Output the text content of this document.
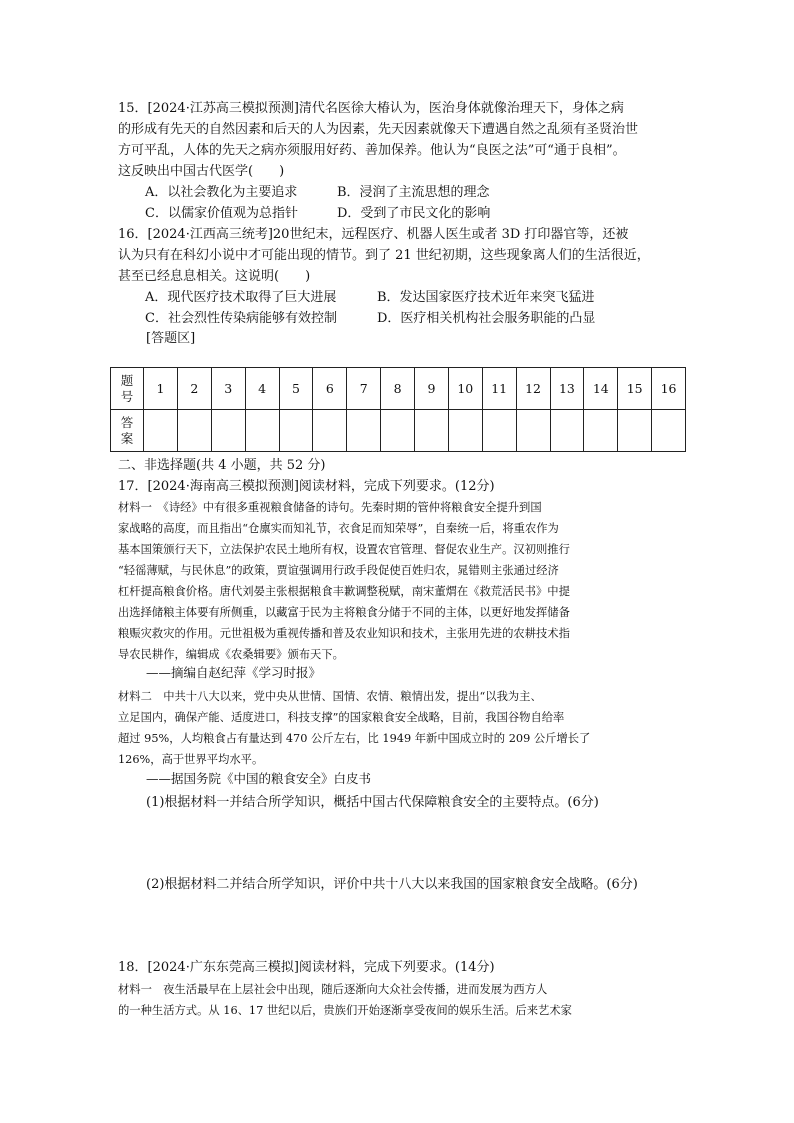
15．[2024·江苏高三模拟预测]清代名医徐大椿认为，医治身体就像治理天下，身体之病
的形成有先天的自然因素和后天的人为因素，先天因素就像天下遭遇自然之乱须有圣贤治世
方可平乱，人体的先天之病亦须服用好药、善加保养。他认为“良医之法”可“通于良相”。
这反映出中国古代医学(　　)
A．以社会教化为主要追求	B．浸润了主流思想的理念
C．以儒家价值观为总指针	D．受到了市民文化的影响
16．[2024·江西高三统考]20世纪末，远程医疗、机器人医生或者 3D 打印器官等，还被
认为只有在科幻小说中才可能出现的情节。到了 21 世纪初期，这些现象离人们的生活很近，
甚至已经息息相关。这说明(　　)
A．现代医疗技术取得了巨大进展	B．发达国家医疗技术近年来突飞猛进
C．社会烈性传染病能够有效控制	D．医疗相关机构社会服务职能的凸显
[答题区]
题
号	1	2	3	4	5	6	7	8	9	10	11	12	13	14	15	16

答
案																

二、非选择题(共 4 小题，共 52 分)
17．[2024·海南高三模拟预测]阅读材料，完成下列要求。(12分)
材料一　《诗经》中有很多重视粮食储备的诗句。先秦时期的管仲将粮食安全提升到国
家战略的高度，而且指出“仓廪实而知礼节，衣食足而知荣辱”，自秦统一后，将重农作为
基本国策颁行天下，立法保护农民土地所有权，设置农官管理、督促农业生产。汉初则推行
“轻徭薄赋，与民休息”的政策，贾谊强调用行政手段促使百姓归农，晁错则主张通过经济
杠杆提高粮食价格。唐代刘晏主张根据粮食丰歉调整税赋，南宋董煟在《救荒活民书》中提
出选择储粮主体要有所侧重，以藏富于民为主将粮食分储于不同的主体，以更好地发挥储备
粮赈灾救灾的作用。元世祖极为重视传播和普及农业知识和技术，主张用先进的农耕技术指
导农民耕作，编辑成《农桑辑要》颁布天下。
——摘编自赵纪萍《学习时报》
材料二　中共十八大以来，党中央从世情、国情、农情、粮情出发，提出“以我为主、
立足国内，确保产能、适度进口，科技支撑”的国家粮食安全战略，目前，我国谷物自给率
超过 95%，人均粮食占有量达到 470 公斤左右，比 1949 年新中国成立时的 209 公斤增长了
126%，高于世界平均水平。
——据国务院《中国的粮食安全》白皮书
(1)根据材料一并结合所学知识，概括中国古代保障粮食安全的主要特点。(6分)
(2)根据材料二并结合所学知识，评价中共十八大以来我国的国家粮食安全战略。(6分)
18．[2024·广东东莞高三模拟]阅读材料，完成下列要求。(14分)
材料一　夜生活最早在上层社会中出现，随后逐渐向大众社会传播，进而发展为西方人
的一种生活方式。从 16、17 世纪以后，贵族们开始逐渐享受夜间的娱乐生活。后来艺术家
